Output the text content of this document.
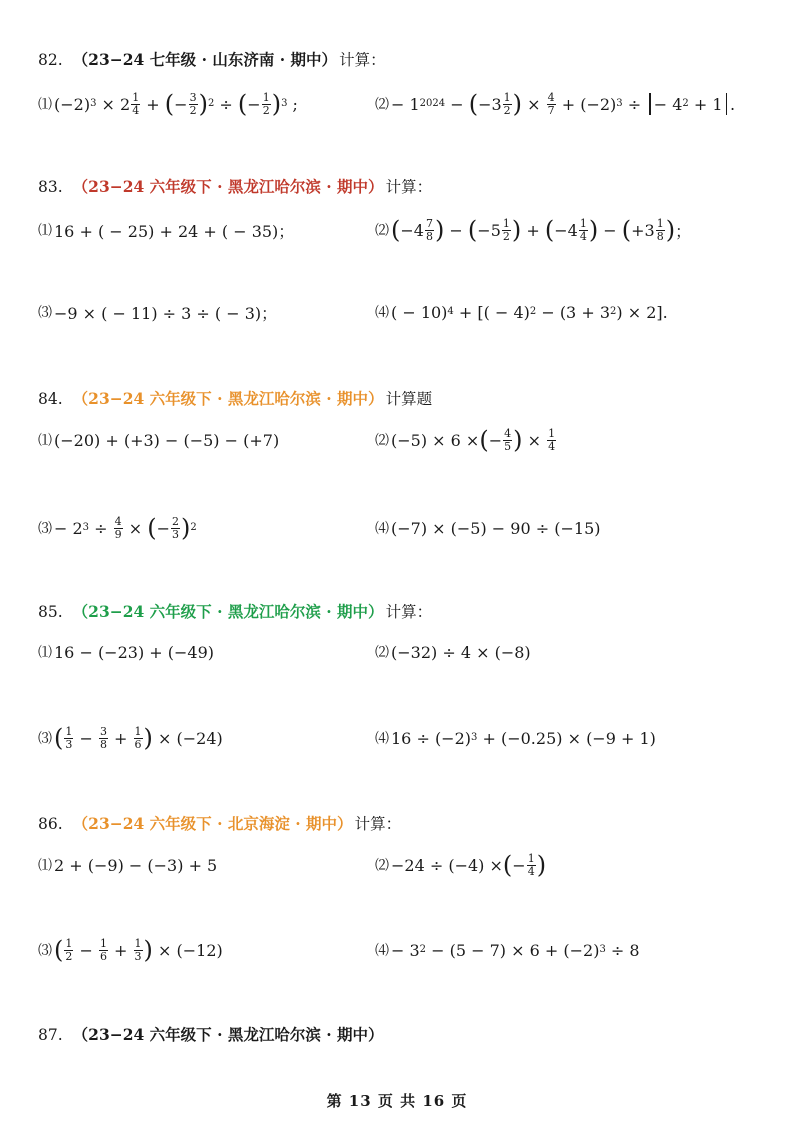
82. （23−24 七年级 · 山东济南 · 期中） 计算：
⑴ (−2) $3 \times 2 \frac{1}{4}$ + ( − $\frac{3}{2}$ ) 2 ÷ ( − $\frac{1}{2}$ ) 3 ;	⑵ − 1 2024 − ( $-3 \frac{1}{2}$ ) × $\frac{4}{7} + (-2) 3$ ÷
− 4 2 + 1 .
83. （23−24 六年级下 · 黑龙江哈尔滨 · 期中） 计算：
⑴ 16 + ( − 25) + 24 + ( − 35)；	⑵ ( $-4 \frac{7}{8}$ ) − ( $-5 \frac{1}{2}$ ) + ( $-4 \frac{1}{4}$ ) − ( $+3 \frac{1}{8}$ ) ；
⑶ −9 × ( − 11) ÷ 3 ÷ ( − 3)；	⑷ ( − 10) 4 + [( − 4) 2 − (3 + 3 2 ) × 2].
84. （23−24 六年级下 · 黑龙江哈尔滨 · 期中） 计算题
⑴ (−20) + (+3) − (−5) − (+7)	⑵ (−5) × 6 × ( − $\frac{4}{5}$ ) × $\frac{1}{4}$
⑶ − 2 $3 \div \frac{4}{9}$ × ( − $\frac{2}{3}$ ) 2	⑷ (−7) × (−5) − 90 ÷ (−15)
85. （23−24 六年级下 · 黑龙江哈尔滨 · 期中） 计算：
⑴ 16 − (−23) + (−49)	⑵ (−32) ÷ 4 × (−8)
⑶ ( $\frac{1}{3} - \frac{3}{8} + \frac{1}{6}$ ) × (−24)	⑷ 16 ÷ (−2) 3 + (−0.25) × (−9 + 1)
86. （23−24 六年级下 · 北京海淀 · 期中） 计算：
⑴ 2 + (−9) − (−3) + 5	⑵ −24 ÷ (−4) × ( − $\frac{1}{4}$ )
⑶ ( $\frac{1}{2} - \frac{1}{6} + \frac{1}{3}$ ) × (−12)	⑷ − 3 2 − (5 − 7) × 6 + (−2) 3 ÷ 8
87. （23−24 六年级下 · 黑龙江哈尔滨 · 期中）
第 13 页 共 16 页
